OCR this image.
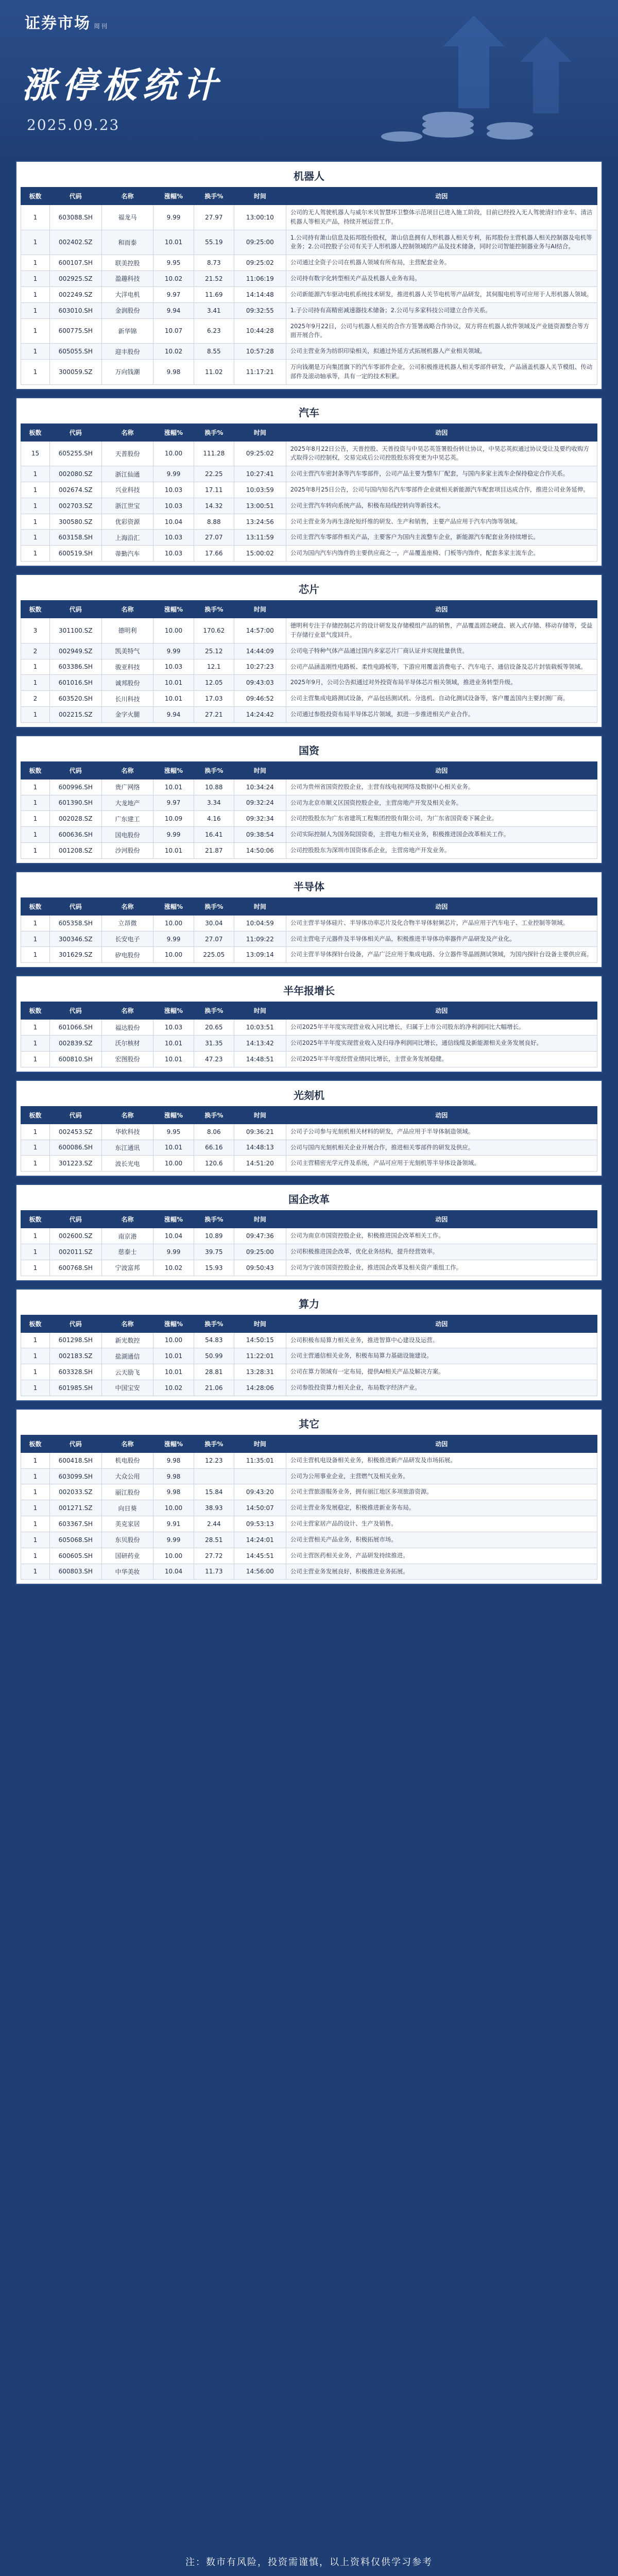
证券市场 周刊
涨停板统计
2025.09.23
机器人
板数	代码	名称	涨幅%	换手%	时间	动因
1	603088.SH	福龙马	9.99	27.97	13:00:10	公司的无人驾驶机器人与威尔米贝智慧环卫整体示范项目已进入施工阶段，目前已经投入无人驾驶清扫作业车、清洁机器人等相关产品，持续开展运营工作。
1	002402.SZ	和而泰	10.01	55.19	09:25:00	1.公司持有萧山信息及拓邦股份股权，萧山信息拥有人形机器人相关专利，拓邦股份主营机器人相关控制器及电机等业务；2.公司控股子公司有关于人形机器人控制领域的产品及技术储备，同时公司智能控制器业务与AI结合。
1	600107.SH	联美控股	9.95	8.73	09:25:02	公司通过全资子公司在机器人领域有所布局，主营配套业务。
1	002925.SZ	盈趣科技	10.02	21.52	11:06:19	公司持有数字化转型相关产品及机器人业务布局。
1	002249.SZ	大洋电机	9.97	11.69	14:14:48	公司新能源汽车驱动电机系统技术研发，推进机器人关节电机等产品研发，其伺服电机等可应用于人形机器人领域。
1	603010.SH	金润股份	9.94	3.41	09:32:55	1.子公司持有高精密减速器技术储备；2.公司与多家科技公司建立合作关系。
1	600775.SH	新华锦	10.07	6.23	10:44:28	2025年9月22日，公司与机器人相关的合作方签署战略合作协议，双方将在机器人软件领域及产业链资源整合等方面开展合作。
1	605055.SH	迎丰股份	10.02	8.55	10:57:28	公司主营业务为纺织印染相关，拟通过外延方式拓展机器人产业相关领域。
1	300059.SZ	万向钱潮	9.98	11.02	11:17:21	万向钱潮是万向集团旗下的汽车零部件企业，公司积极推进机器人相关零部件研发，产品涵盖机器人关节模组、传动部件及滚动轴承等，具有一定的技术积累。
汽车
板数	代码	名称	涨幅%	换手%	时间	动因
15	605255.SH	天普股份	10.00	111.28	09:25:02	2025年8月22日公告，天普控股、天普投资与中昊芯英签署股份转让协议，中昊芯英拟通过协议受让及要约收购方式取得公司控制权，交易完成后公司控股股东将变更为中昊芯英。
1	002080.SZ	浙江仙通	9.99	22.25	10:27:41	公司主营汽车密封条等汽车零部件，公司产品主要为整车厂配套，与国内多家主流车企保持稳定合作关系。
1	002674.SZ	兴业科技	10.03	17.11	10:03:59	2025年8月25日公告，公司与国内知名汽车零部件企业就相关新能源汽车配套项目达成合作，推进公司业务延伸。
1	002703.SZ	浙江世宝	10.03	14.32	13:00:51	公司主营汽车转向系统产品，积极布局线控转向等新技术。
1	300580.SZ	优彩资源	10.04	8.88	13:24:56	公司主营业务为再生涤纶短纤维的研发、生产和销售，主要产品应用于汽车内饰等领域。
1	603158.SH	上海沿汇	10.03	27.07	13:11:59	公司主营汽车零部件相关产品，主要客户为国内主流整车企业，新能源汽车配套业务持续增长。
1	600519.SH	蒂勤汽车	10.03	17.66	15:00:02	公司为国内汽车内饰件的主要供应商之一，产品覆盖座椅、门板等内饰件，配套多家主流车企。
芯片
板数	代码	名称	涨幅%	换手%	时间	动因
3	301100.SZ	德明利	10.00	170.62	14:57:00	德明利专注于存储控制芯片的设计研发及存储模组产品的销售，产品覆盖固态硬盘、嵌入式存储、移动存储等，受益于存储行业景气度回升。
2	002949.SZ	凯美特气	9.99	25.12	14:44:09	公司电子特种气体产品通过国内多家芯片厂商认证并实现批量供货。
1	603386.SH	骏亚科技	10.03	12.1	10:27:23	公司产品涵盖刚性电路板、柔性电路板等，下游应用覆盖消费电子、汽车电子、通信设备及芯片封装载板等领域。
1	601016.SH	诚邦股份	10.01	12.05	09:43:03	2025年9月，公司公告拟通过对外投资布局半导体芯片相关领域，推进业务转型升级。
2	603520.SH	长川科技	10.01	17.03	09:46:52	公司主营集成电路测试设备，产品包括测试机、分选机、自动化测试设备等，客户覆盖国内主要封测厂商。
1	002215.SZ	金字火腿	9.94	27.21	14:24:42	公司通过参股投资布局半导体芯片领域，拟进一步推进相关产业合作。
国资
板数	代码	名称	涨幅%	换手%	时间	动因
1	600996.SH	贵广网络	10.01	10.88	10:34:24	公司为贵州省国资控股企业，主营有线电视网络及数据中心相关业务。
1	601390.SH	大龙地产	9.97	3.34	09:32:24	公司为北京市顺义区国资控股企业，主营房地产开发及相关业务。
1	002028.SZ	广东建工	10.09	4.16	09:32:34	公司控股股东为广东省建筑工程集团控股有限公司，为广东省国资委下属企业。
1	600636.SH	国电股份	9.99	16.41	09:38:54	公司实际控制人为国务院国资委，主营电力相关业务，积极推进国企改革相关工作。
1	001208.SZ	沙河股份	10.01	21.87	14:50:06	公司控股股东为深圳市国资体系企业，主营房地产开发业务。
半导体
板数	代码	名称	涨幅%	换手%	时间	动因
1	605358.SH	立昂微	10.00	30.04	10:04:59	公司主营半导体硅片、半导体功率芯片及化合物半导体射频芯片，产品应用于汽车电子、工业控制等领域。
1	300346.SZ	长安电子	9.99	27.07	11:09:22	公司主营电子元器件及半导体相关产品，积极推进半导体功率器件产品研发及产业化。
1	301629.SZ	矽电股份	10.00	225.05	13:09:14	公司主营半导体探针台设备，产品广泛应用于集成电路、分立器件等晶圆测试领域，为国内探针台设备主要供应商。
半年报增长
板数	代码	名称	涨幅%	换手%	时间	动因
1	601066.SH	福达股份	10.03	20.65	10:03:51	公司2025年半年度实现营业收入同比增长，归属于上市公司股东的净利润同比大幅增长。
1	002839.SZ	沃尔核材	10.01	31.35	14:13:42	公司2025年半年度实现营业收入及归母净利润同比增长，通信线缆及新能源相关业务发展良好。
1	600810.SH	宏图股份	10.01	47.23	14:48:51	公司2025年半年度经营业绩同比增长，主营业务发展稳健。
光刻机
板数	代码	名称	涨幅%	换手%	时间	动因
1	002453.SZ	华软科技	9.95	8.06	09:36:21	公司子公司参与光刻机相关材料的研发，产品应用于半导体制造领域。
1	600086.SH	东江通讯	10.01	66.16	14:48:13	公司与国内光刻机相关企业开展合作，推进相关零部件的研发及供应。
1	301223.SZ	波长光电	10.00	120.6	14:51:20	公司主营精密光学元件及系统，产品可应用于光刻机等半导体设备领域。
国企改革
板数	代码	名称	涨幅%	换手%	时间	动因
1	002600.SZ	南京港	10.04	10.89	09:47:36	公司为南京市国资控股企业，积极推进国企改革相关工作。
1	002011.SZ	慈泰士	9.99	39.75	09:25:00	公司积极推进国企改革，优化业务结构，提升经营效率。
1	600768.SH	宁波富邦	10.02	15.93	09:50:43	公司为宁波市国资控股企业，推进国企改革及相关资产重组工作。
算力
板数	代码	名称	涨幅%	换手%	时间	动因
1	601298.SH	新光数控	10.00	54.83	14:50:15	公司积极布局算力相关业务，推进智算中心建设及运营。
1	002183.SZ	盐湖通信	10.01	50.99	11:22:01	公司主营通信相关业务，积极布局算力基础设施建设。
1	603328.SH	云天励飞	10.01	28.81	13:28:31	公司在算力领域有一定布局，提供AI相关产品及解决方案。
1	601985.SH	中国宝安	10.02	21.06	14:28:06	公司参股投资算力相关企业，布局数字经济产业。
其它
板数	代码	名称	涨幅%	换手%	时间	动因
1	600418.SH	机电股份	9.98	12.23	11:35:01	公司主营机电设备相关业务，积极推进新产品研发及市场拓展。
1	603099.SH	大众公用	9.98			公司为公用事业企业，主营燃气及相关业务。
1	002033.SZ	丽江股份	9.98	15.84	09:43:20	公司主营旅游服务业务，拥有丽江地区多项旅游资源。
1	001271.SZ	向日葵	10.00	38.93	14:50:07	公司主营业务发展稳定，积极推进新业务布局。
1	603367.SH	美克家居	9.91	2.44	09:53:13	公司主营家居产品的设计、生产及销售。
1	605068.SH	东贝股份	9.99	28.51	14:24:01	公司主营相关产品业务，积极拓展市场。
1	600605.SH	国研药业	10.00	27.72	14:45:51	公司主营医药相关业务，产品研发持续推进。
1	600803.SH	中华美妆	10.04	11.73	14:56:00	公司主营业务发展良好，积极推进业务拓展。
注：数市有风险，投资需谨慎，以上资料仅供学习参考
